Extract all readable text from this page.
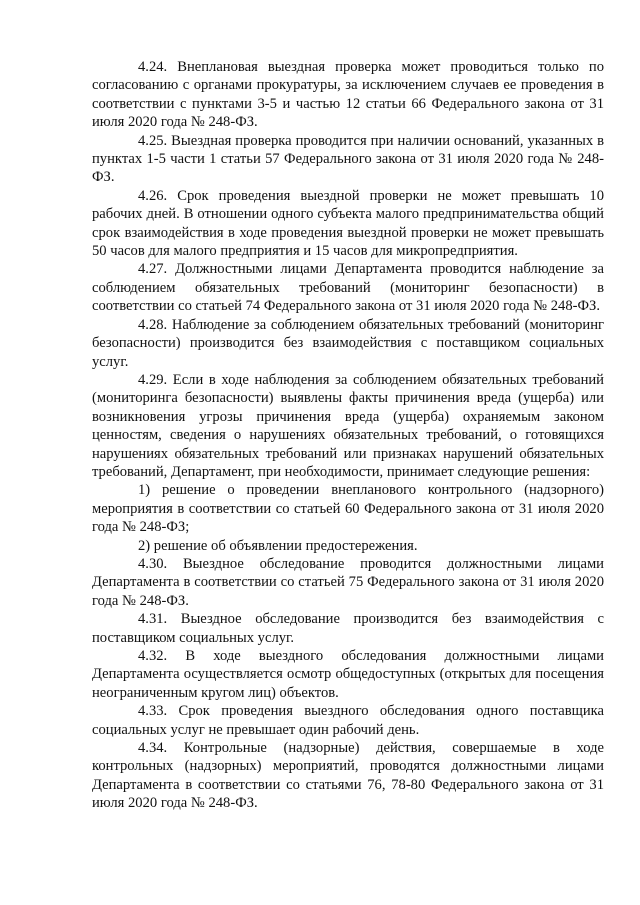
4.24. Внеплановая выездная проверка может проводиться только по согласованию с органами прокуратуры, за исключением случаев ее проведения в соответствии с пунктами 3-5 и частью 12 статьи 66 Федерального закона от 31 июля 2020 года № 248-ФЗ.

4.25. Выездная проверка проводится при наличии оснований, указанных в пунктах 1-5 части 1 статьи 57 Федерального закона от 31 июля 2020 года № 248-ФЗ.

4.26. Срок проведения выездной проверки не может превышать 10 рабочих дней. В отношении одного субъекта малого предпринимательства общий срок взаимодействия в ходе проведения выездной проверки не может превышать 50 часов для малого предприятия и 15 часов для микропредприятия.

4.27. Должностными лицами Департамента проводится наблюдение за соблюдением обязательных требований (мониторинг безопасности) в соответствии со статьей 74 Федерального закона от 31 июля 2020 года № 248-ФЗ.

4.28. Наблюдение за соблюдением обязательных требований (мониторинг безопасности) производится без взаимодействия с поставщиком социальных услуг.

4.29. Если в ходе наблюдения за соблюдением обязательных требований (мониторинга безопасности) выявлены факты причинения вреда (ущерба) или возникновения угрозы причинения вреда (ущерба) охраняемым законом ценностям, сведения о нарушениях обязательных требований, о готовящихся нарушениях обязательных требований или признаках нарушений обязательных требований, Департамент, при необходимости, принимает следующие решения:

1) решение о проведении внепланового контрольного (надзорного) мероприятия в соответствии со статьей 60 Федерального закона от 31 июля 2020 года № 248-ФЗ;

2) решение об объявлении предостережения.

4.30. Выездное обследование проводится должностными лицами Департамента в соответствии со статьей 75 Федерального закона от 31 июля 2020 года № 248-ФЗ.

4.31. Выездное обследование производится без взаимодействия с поставщиком социальных услуг.

4.32. В ходе выездного обследования должностными лицами Департамента осуществляется осмотр общедоступных (открытых для посещения неограниченным кругом лиц) объектов.

4.33. Срок проведения выездного обследования одного поставщика социальных услуг не превышает один рабочий день.

4.34. Контрольные (надзорные) действия, совершаемые в ходе контрольных (надзорных) мероприятий, проводятся должностными лицами Департамента в соответствии со статьями 76, 78-80 Федерального закона от 31 июля 2020 года № 248-ФЗ.
